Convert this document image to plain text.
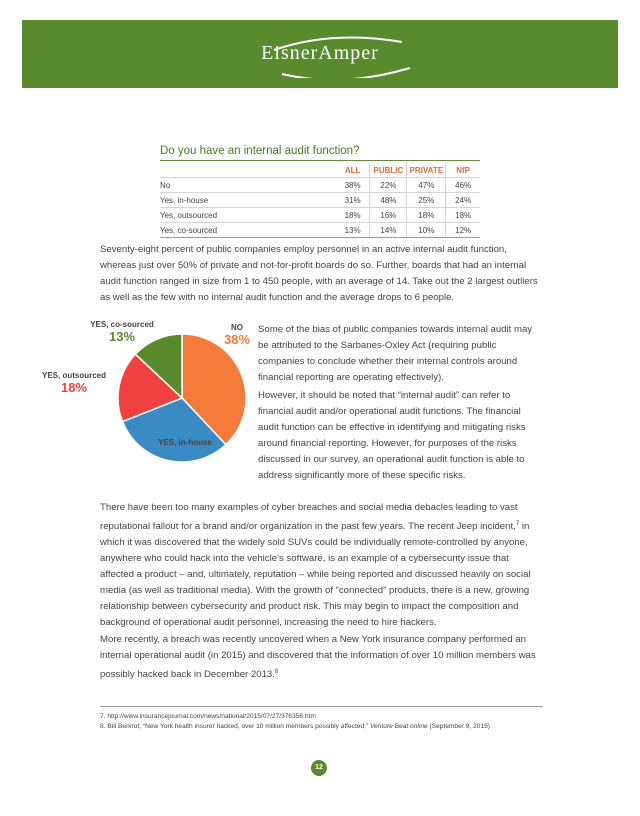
EisnerAmper
Do you have an internal audit function?
	ALL	PUBLIC	PRIVATE	NfP
No	38%	22%	47%	46%
Yes, in-house	31%	48%	25%	24%
Yes, outsourced	18%	16%	18%	18%
Yes, co-sourced	13%	14%	10%	12%

Seventy-eight percent of public companies employ personnel in an active internal audit function, whereas just over 50% of private and not-for-profit boards do so. Further, boards that had an internal audit function ranged in size from 1 to 450 people, with an average of 14. Take out the 2 largest outliers as well as the few with no internal audit function and the average drops to 6 people.

YES, co-sourced
13%
NO
38%
YES, outsourced
18%
YES, in-house
31%

Some of the bias of public companies towards internal audit may be attributed to the Sarbanes-Oxley Act (requiring public companies to conclude whether their internal controls around financial reporting are operating effectively).

However, it should be noted that “internal audit” can refer to financial audit and/or operational audit functions. The financial audit function can be effective in identifying and mitigating risks around financial reporting. However, for purposes of the risks discussed in our survey, an operational audit function is able to address significantly more of these specific risks.

There have been too many examples of cyber breaches and social media debacles leading to vast reputational fallout for a brand and/or organization in the past few years. The recent Jeep incident,$^7$ in which it was discovered that the widely sold SUVs could be individually remote-controlled by anyone, anywhere who could hack into the vehicle’s software, is an example of a cybersecurity issue that affected a product – and, ultimately, reputation – while being reported and discussed heavily on social media (as well as traditional media). With the growth of “connected” products, there is a new, growing relationship between cybersecurity and product risk. This may begin to impact the composition and background of operational audit personnel, increasing the need to hire hackers.

More recently, a breach was recently uncovered when a New York insurance company performed an internal operational audit (in 2015) and discovered that the information of over 10 million members was possibly hacked back in December 2013.$^8$

7. http://www.insurancejournal.com/news/national/2015/07/27/376356.htm
8. Bill Berkrot, “New York health insurer hacked, over 10 million members possibly affected,” Venture Beat online (September 9, 2015)
12
